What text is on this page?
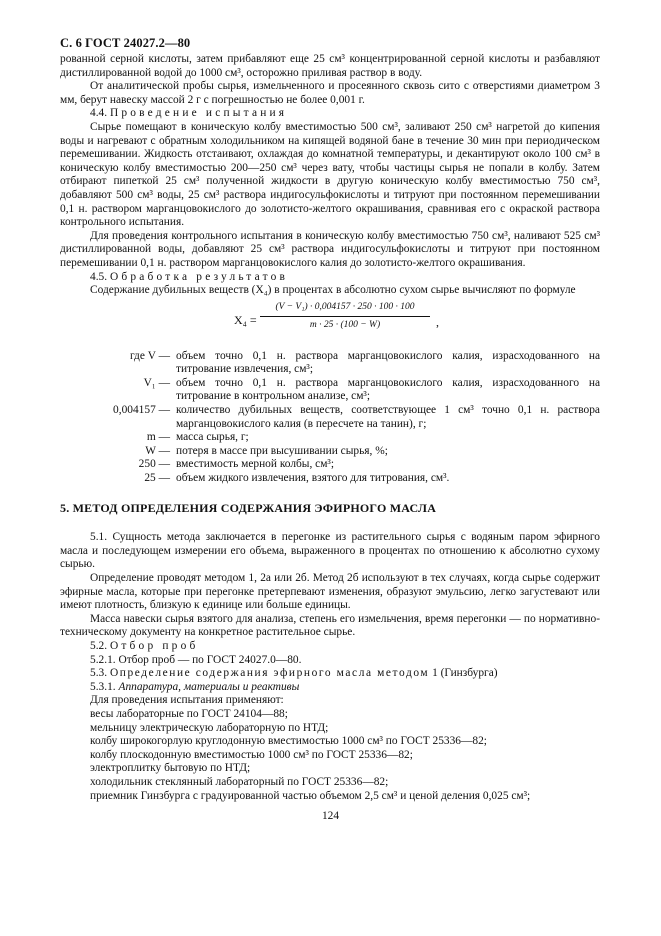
С. 6 ГОСТ 24027.2—80

рованной серной кислоты, затем прибавляют еще 25 см³ концентрированной серной кислоты и разбавляют дистиллированной водой до 1000 см³, осторожно приливая раствор в воду.

От аналитической пробы сырья, измельченного и просеянного сквозь сито с отверстиями диаметром 3 мм, берут навеску массой 2 г с погрешностью не более 0,001 г.

4.4. Проведение испытания

Сырье помещают в коническую колбу вместимостью 500 см³, заливают 250 см³ нагретой до кипения воды и нагревают с обратным холодильником на кипящей водяной бане в течение 30 мин при периодическом перемешивании. Жидкость отстаивают, охлаждая до комнатной температуры, и декантируют около 100 см³ в коническую колбу вместимостью 200—250 см³ через вату, чтобы частицы сырья не попали в колбу. Затем отбирают пипеткой 25 см³ полученной жидкости в другую коническую колбу вместимостью 750 см³, добавляют 500 см³ воды, 25 см³ раствора индигосульфокислоты и титруют при постоянном перемешивании 0,1 н. раствором марганцовокислого до золотисто-желтого окрашивания, сравнивая его с окраской раствора контрольного испытания.

Для проведения контрольного испытания в коническую колбу вместимостью 750 см³, наливают 525 см³ дистиллированной воды, добавляют 25 см³ раствора индигосульфокислоты и титруют при постоянном перемешивании 0,1 н. раствором марганцовокислого калия до золотисто-желтого окрашивания.

4.5. Обработка результатов

Содержание дубильных веществ (X₄) в процентах в абсолютно сухом сырье вычисляют по формуле

$X_4 = \frac{\text{(V − V₁) · 0,004157 · 250 · 100 · 100}}{m \cdot 25 \cdot (100 - W)}$ ,
где V — объем точно 0,1 н. раствора марганцовокислого калия, израсходованного на титрование извлечения, см³;
V₁ — объем точно 0,1 н. раствора марганцовокислого калия, израсходованного на титрование в контрольном анализе, см³;
0,004157 — количество дубильных веществ, соответствующее 1 см³ точно 0,1 н. раствора марганцовокислого калия (в пересчете на танин), г;
m — масса сырья, г;
W — потеря в массе при высушивании сырья, %;
250 — вместимость мерной колбы, см³;
25 — объем жидкого извлечения, взятого для титрования, см³.

5. МЕТОД ОПРЕДЕЛЕНИЯ СОДЕРЖАНИЯ ЭФИРНОГО МАСЛА

5.1. Сущность метода заключается в перегонке из растительного сырья с водяным паром эфирного масла и последующем измерении его объема, выраженного в процентах по отношению к абсолютно сухому сырью.

Определение проводят методом 1, 2а или 2б. Метод 2б используют в тех случаях, когда сырье содержит эфирные масла, которые при перегонке претерпевают изменения, образуют эмульсию, легко загустевают или имеют плотность, близкую к единице или больше единицы.

Масса навески сырья взятого для анализа, степень его измельчения, время перегонки — по нормативно-техническому документу на конкретное растительное сырье.

5.2. Отбор проб

5.2.1. Отбор проб — по ГОСТ 24027.0—80.

5.3. Определение содержания эфирного масла методом 1 (Гинзбурга)

5.3.1. Аппаратура, материалы и реактивы

Для проведения испытания применяют:

весы лабораторные по ГОСТ 24104—88;

мельницу электрическую лабораторную по НТД;

колбу широкогорлую круглодонную вместимостью 1000 см³ по ГОСТ 25336—82;

колбу плоскодонную вместимостью 1000 см³ по ГОСТ 25336—82;

электроплитку бытовую по НТД;

холодильник стеклянный лабораторный по ГОСТ 25336—82;

приемник Гинзбурга с градуированной частью объемом 2,5 см³ и ценой деления 0,025 см³;

124
